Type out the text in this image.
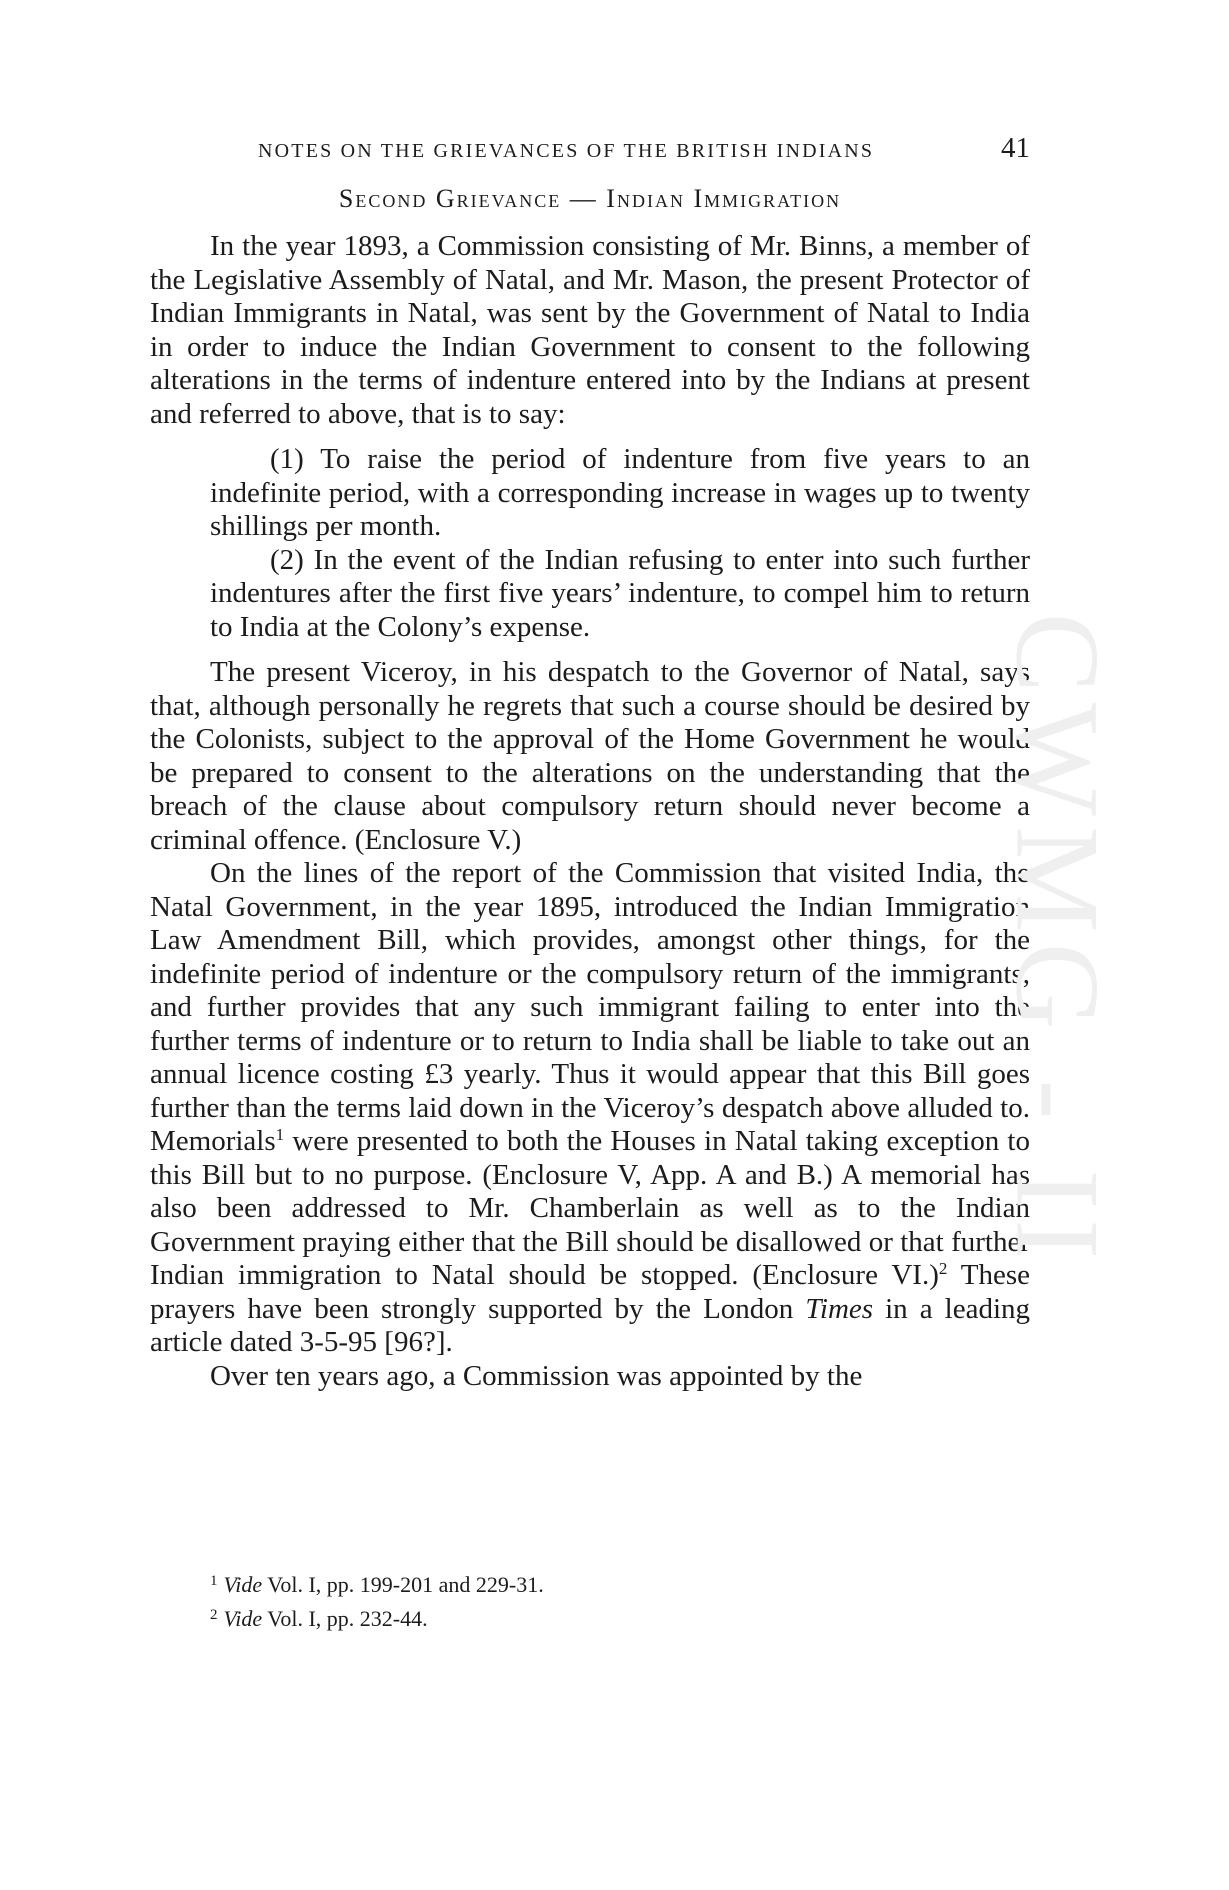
NOTES ON THE GRIEVANCES OF THE BRITISH INDIANS	41
Second Grievance — Indian Immigration

In the year 1893, a Commission consisting of Mr. Binns, a member of the Legislative Assembly of Natal, and Mr. Mason, the present Protector of Indian Immigrants in Natal, was sent by the Government of Natal to India in order to induce the Indian Government to consent to the following alterations in the terms of indenture entered into by the Indians at present and referred to above, that is to say:

(1) To raise the period of indenture from five years to an indefinite period, with a corresponding increase in wages up to twenty shillings per month.

(2) In the event of the Indian refusing to enter into such further indentures after the first five years’ indenture, to compel him to return to India at the Colony’s expense.

The present Viceroy, in his despatch to the Governor of Natal, says that, although personally he regrets that such a course should be desired by the Colonists, subject to the approval of the Home Government he would be prepared to consent to the alterations on the understanding that the breach of the clause about compulsory return should never become a criminal offence. (Enclosure V.)

On the lines of the report of the Commission that visited India, the Natal Government, in the year 1895, introduced the Indian Immigration Law Amendment Bill, which provides, amongst other things, for the indefinite period of indenture or the compulsory return of the immigrants, and further provides that any such immigrant failing to enter into the further terms of indenture or to return to India shall be liable to take out an annual licence costing £3 yearly. Thus it would appear that this Bill goes further than the terms laid down in the Viceroy’s despatch above alluded to. Memorials$^1$ were presented to both the Houses in Natal taking exception to this Bill but to no purpose. (Enclosure V, App. A and B.) A memorial has also been addressed to Mr. Chamberlain as well as to the Indian Government praying either that the Bill should be disallowed or that further Indian immigration to Natal should be stopped. (Enclosure VI.)$^2$ These prayers have been strongly supported by the London Times in a leading article dated 3-5-95 [96?].

Over ten years ago, a Commission was appointed by the

$^1$ Vide Vol. I, pp. 199-201 and 229-31.
$^2$ Vide Vol. I, pp. 232-44.
CWMG - II
